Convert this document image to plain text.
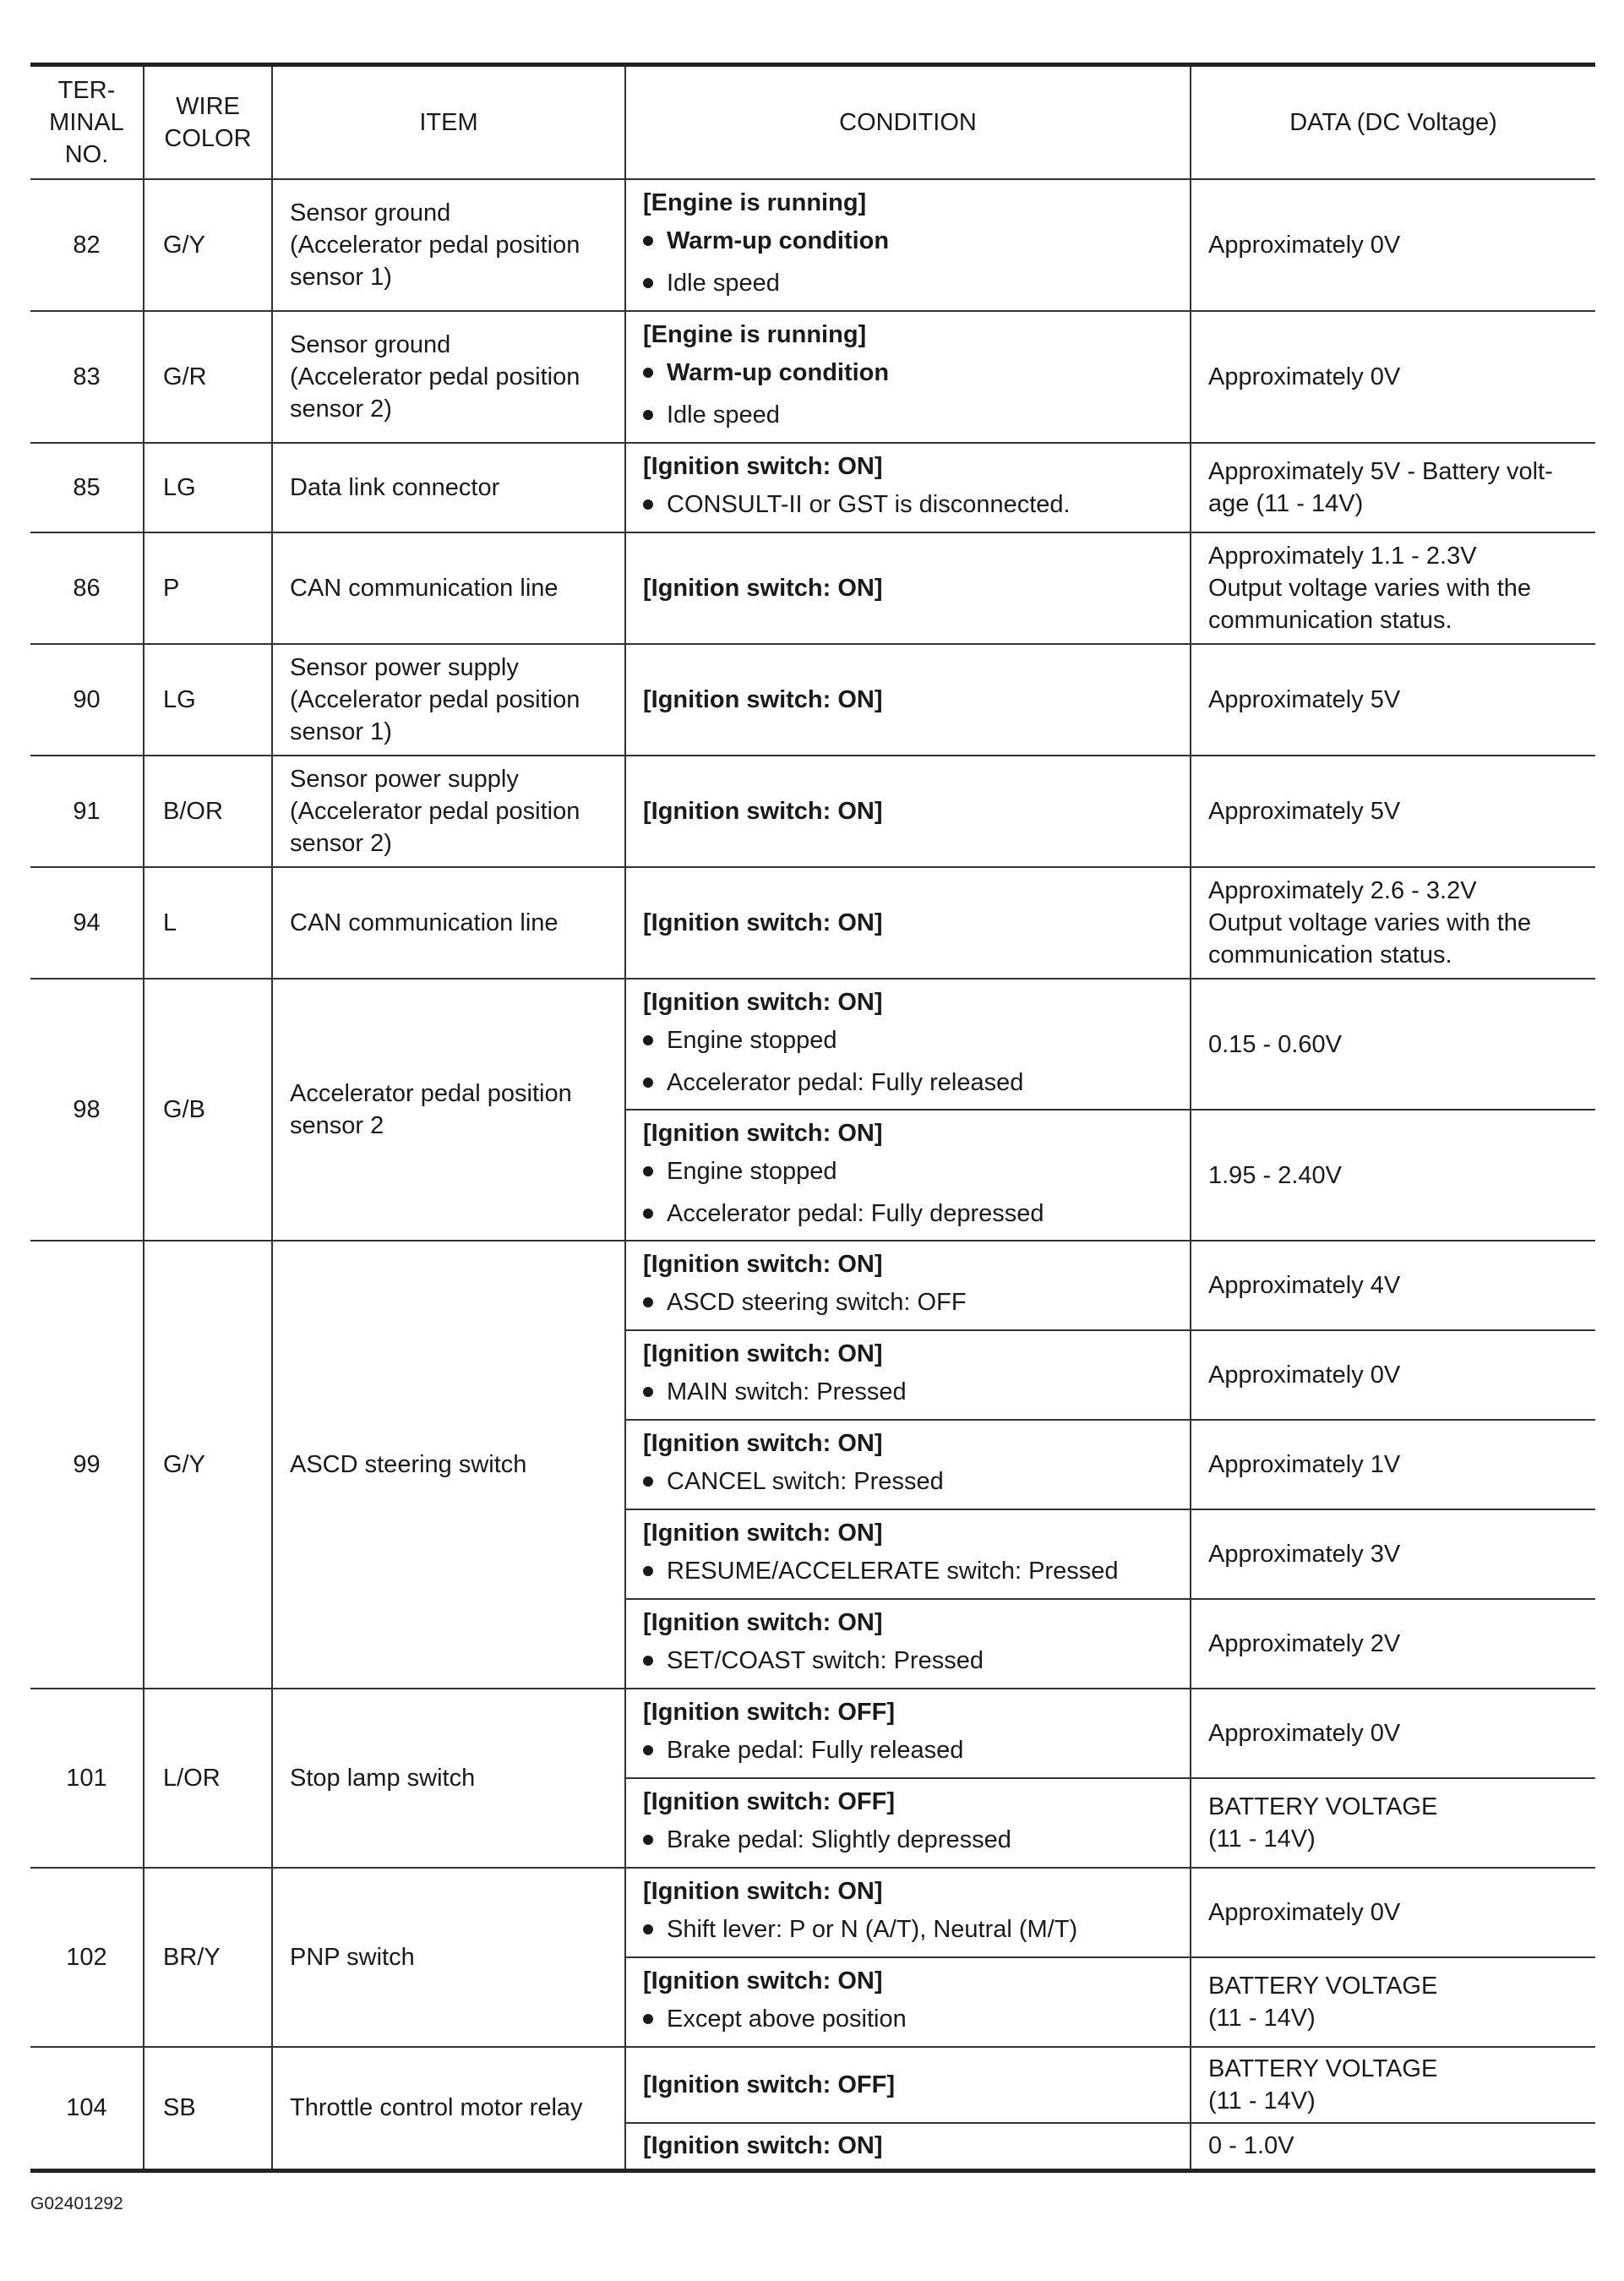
TER-
MINAL
NO.	WIRE
COLOR	ITEM	CONDITION	DATA (DC Voltage)
82	G/Y	Sensor ground
(Accelerator pedal position
sensor 1)	[Engine is running]
Warm-up condition
Idle speed	Approximately 0V

83	G/R	Sensor ground
(Accelerator pedal position
sensor 2)	[Engine is running]
Warm-up condition
Idle speed	Approximately 0V

85	LG	Data link connector	[Ignition switch: ON]
CONSULT-II or GST is disconnected.	Approximately 5V - Battery volt-
age (11 - 14V)

86	P	CAN communication line	[Ignition switch: ON]	Approximately 1.1 - 2.3V
Output voltage varies with the
communication status.

90	LG	Sensor power supply
(Accelerator pedal position
sensor 1)	[Ignition switch: ON]	Approximately 5V

91	B/OR	Sensor power supply
(Accelerator pedal position
sensor 2)	[Ignition switch: ON]	Approximately 5V

94	L	CAN communication line	[Ignition switch: ON]	Approximately 2.6 - 3.2V
Output voltage varies with the
communication status.

98	G/B	Accelerator pedal position
sensor 2	[Ignition switch: ON]
Engine stopped
Accelerator pedal: Fully released	0.15 - 0.60V

			[Ignition switch: ON]
Engine stopped
Accelerator pedal: Fully depressed	1.95 - 2.40V

99	G/Y	ASCD steering switch	[Ignition switch: ON]
ASCD steering switch: OFF	Approximately 4V

			[Ignition switch: ON]
MAIN switch: Pressed	Approximately 0V

			[Ignition switch: ON]
CANCEL switch: Pressed	Approximately 1V

			[Ignition switch: ON]
RESUME/ACCELERATE switch: Pressed	Approximately 3V

			[Ignition switch: ON]
SET/COAST switch: Pressed	Approximately 2V

101	L/OR	Stop lamp switch	[Ignition switch: OFF]
Brake pedal: Fully released	Approximately 0V

			[Ignition switch: OFF]
Brake pedal: Slightly depressed	BATTERY VOLTAGE
(11 - 14V)

102	BR/Y	PNP switch	[Ignition switch: ON]
Shift lever: P or N (A/T), Neutral (M/T)	Approximately 0V

			[Ignition switch: ON]
Except above position	BATTERY VOLTAGE
(11 - 14V)

104	SB	Throttle control motor relay	[Ignition switch: OFF]	BATTERY VOLTAGE
(11 - 14V)

			[Ignition switch: ON]	0 - 1.0V
G02401292
